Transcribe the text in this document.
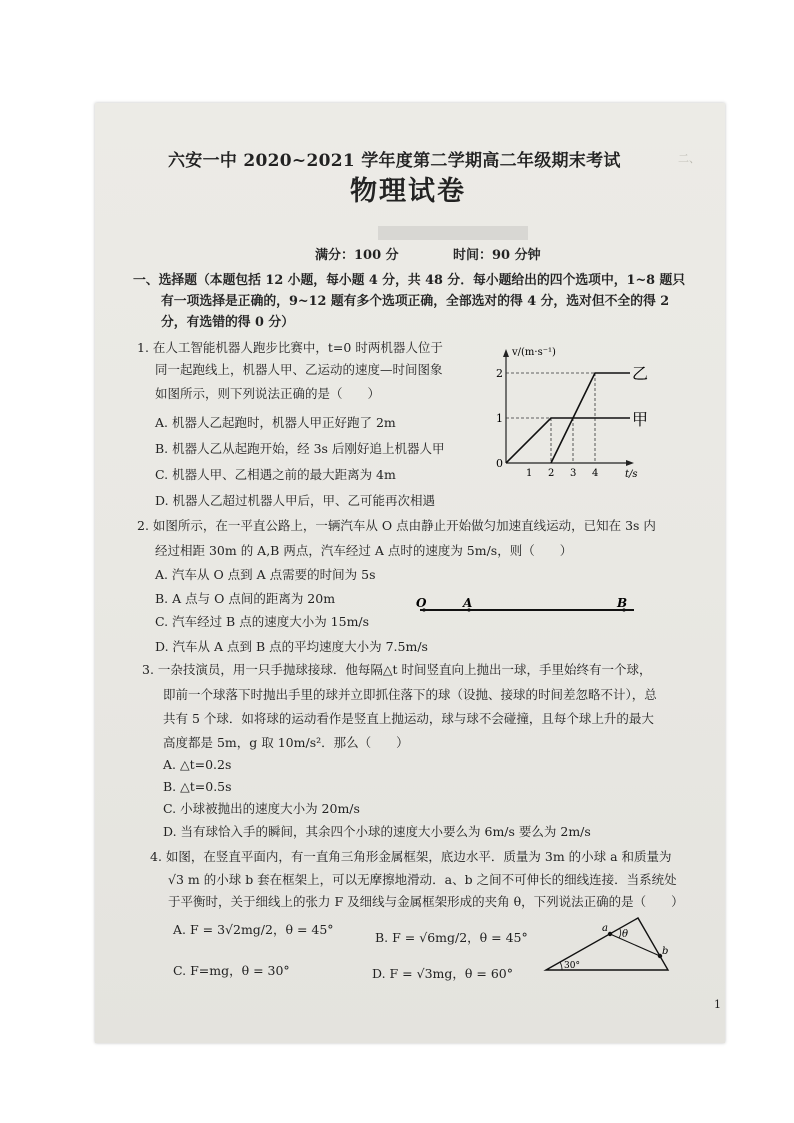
二、
六安一中 2020~2021 学年度第二学期高二年级期末考试
物理试卷
满分：100 分	时间：90 分钟
一、选择题（本题包括 12 小题，每小题 4 分，共 48 分．每小题给出的四个选项中，1~8 题只
有一项选择是正确的，9~12 题有多个选项正确，全部选对的得 4 分，选对但不全的得 2
分，有选错的得 0 分）
1. 在人工智能机器人跑步比赛中，t=0 时两机器人位于
同一起跑线上，机器人甲、乙运动的速度—时间图象
如图所示，则下列说法正确的是（　　）
A. 机器人乙起跑时，机器人甲正好跑了 2m
B. 机器人乙从起跑开始，经 3s 后刚好追上机器人甲
C. 机器人甲、乙相遇之前的最大距离为 4m
D. 机器人乙超过机器人甲后，甲、乙可能再次相遇
v/(m·s⁻¹)
t/s
2
1
0
1 2 3 4
乙
甲
2. 如图所示，在一平直公路上，一辆汽车从 O 点由静止开始做匀加速直线运动，已知在 3s 内
经过相距 30m 的 A,B 两点，汽车经过 A 点时的速度为 5m/s，则（　　）
A. 汽车从 O 点到 A 点需要的时间为 5s
B. A 点与 O 点间的距离为 20m
C. 汽车经过 B 点的速度大小为 15m/s
D. 汽车从 A 点到 B 点的平均速度大小为 7.5m/s
O	A	B
3. 一杂技演员，用一只手抛球接球．他每隔△t 时间竖直向上抛出一球，手里始终有一个球，
即前一个球落下时抛出手里的球并立即抓住落下的球（设抛、接球的时间差忽略不计），总
共有 5 个球．如将球的运动看作是竖直上抛运动，球与球不会碰撞，且每个球上升的最大
高度都是 5m，g 取 10m/s²．那么（　　）
A. △t=0.2s
B. △t=0.5s
C. 小球被抛出的速度大小为 20m/s
D. 当有球恰入手的瞬间，其余四个小球的速度大小要么为 6m/s 要么为 2m/s
4. 如图，在竖直平面内，有一直角三角形金属框架，底边水平．质量为 3m 的小球 a 和质量为
√3 m 的小球 b 套在框架上，可以无摩擦地滑动．a、b 之间不可伸长的细线连接．当系统处
于平衡时，关于细线上的张力 F 及细线与金属框架形成的夹角 θ，下列说法正确的是（　　）
A. F = 3√2mg/2，θ = 45°
B. F = √6mg/2，θ = 45°
C. F=mg，θ = 30°	D. F = √3mg，θ = 60°
a
θ
b
30°
1
